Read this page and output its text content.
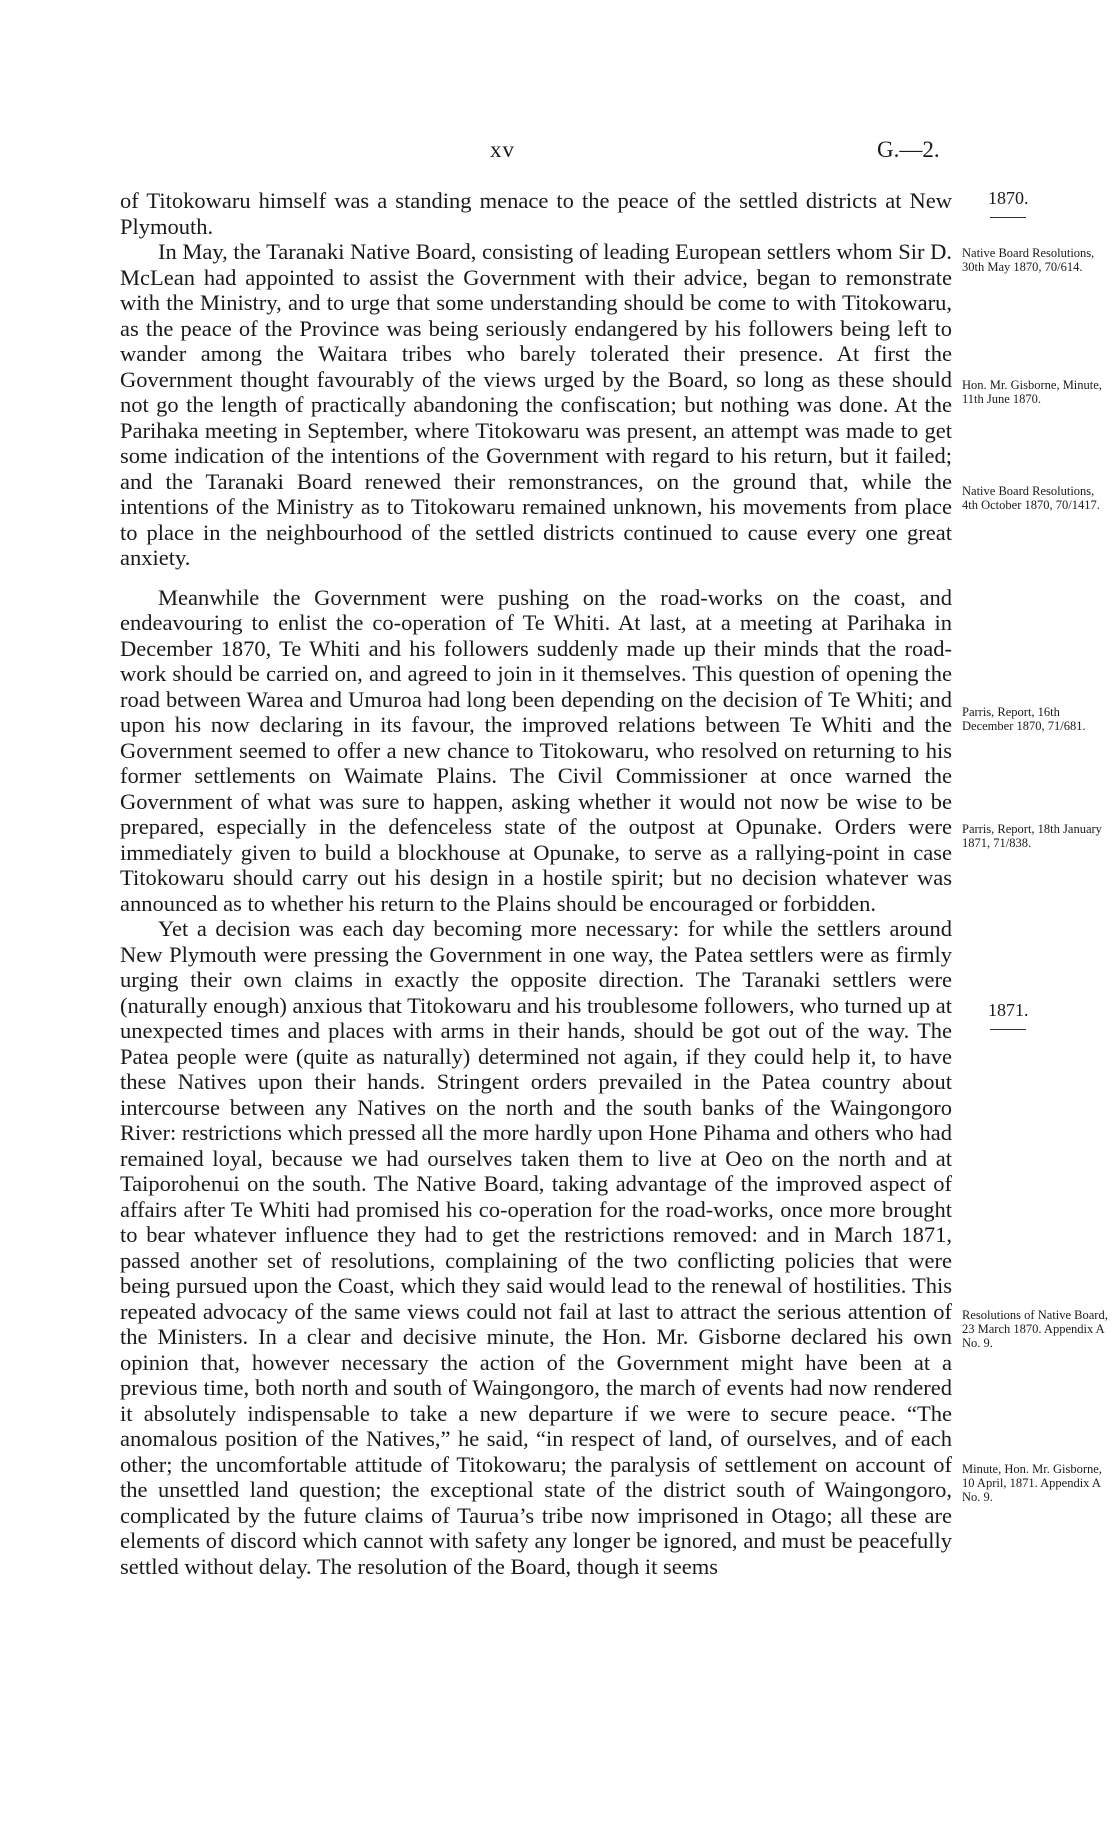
xv	G.—2.

of Titokowaru himself was a standing menace to the peace of the settled districts at New Plymouth.

In May, the Taranaki Native Board, consisting of leading European settlers whom Sir D. McLean had appointed to assist the Government with their advice, began to remonstrate with the Ministry, and to urge that some understanding should be come to with Titokowaru, as the peace of the Province was being seriously endangered by his followers being left to wander among the Waitara tribes who barely tolerated their presence. At first the Government thought favourably of the views urged by the Board, so long as these should not go the length of practically abandoning the confiscation; but nothing was done. At the Parihaka meeting in September, where Titokowaru was present, an attempt was made to get some indication of the intentions of the Government with regard to his return, but it failed; and the Taranaki Board renewed their remonstrances, on the ground that, while the intentions of the Ministry as to Titokowaru remained unknown, his movements from place to place in the neighbourhood of the settled districts continued to cause every one great anxiety.

Meanwhile the Government were pushing on the road-works on the coast, and endeavouring to enlist the co-operation of Te Whiti. At last, at a meeting at Parihaka in December 1870, Te Whiti and his followers suddenly made up their minds that the road-work should be carried on, and agreed to join in it themselves. This question of opening the road between Warea and Umuroa had long been depending on the decision of Te Whiti; and upon his now declaring in its favour, the improved relations between Te Whiti and the Government seemed to offer a new chance to Titokowaru, who resolved on returning to his former settlements on Waimate Plains. The Civil Commissioner at once warned the Government of what was sure to happen, asking whether it would not now be wise to be prepared, especially in the defenceless state of the outpost at Opunake. Orders were immediately given to build a blockhouse at Opunake, to serve as a rallying-point in case Titokowaru should carry out his design in a hostile spirit; but no decision whatever was announced as to whether his return to the Plains should be encouraged or forbidden.

Yet a decision was each day becoming more necessary: for while the settlers around New Plymouth were pressing the Government in one way, the Patea settlers were as firmly urging their own claims in exactly the opposite direction. The Taranaki settlers were (naturally enough) anxious that Titokowaru and his troublesome followers, who turned up at unexpected times and places with arms in their hands, should be got out of the way. The Patea people were (quite as naturally) determined not again, if they could help it, to have these Natives upon their hands. Stringent orders prevailed in the Patea country about intercourse between any Natives on the north and the south banks of the Waingongoro River: restrictions which pressed all the more hardly upon Hone Pihama and others who had remained loyal, because we had ourselves taken them to live at Oeo on the north and at Taiporohenui on the south. The Native Board, taking advantage of the improved aspect of affairs after Te Whiti had promised his co-operation for the road-works, once more brought to bear whatever influence they had to get the restrictions removed: and in March 1871, passed another set of resolutions, complaining of the two conflicting policies that were being pursued upon the Coast, which they said would lead to the renewal of hostilities. This repeated advocacy of the same views could not fail at last to attract the serious attention of the Ministers. In a clear and decisive minute, the Hon. Mr. Gisborne declared his own opinion that, however necessary the action of the Government might have been at a previous time, both north and south of Waingongoro, the march of events had now rendered it absolutely indispensable to take a new departure if we were to secure peace. “The anomalous position of the Natives,” he said, “in respect of land, of ourselves, and of each other; the uncomfortable attitude of Titokowaru; the paralysis of settlement on account of the unsettled land question; the exceptional state of the district south of Waingongoro, complicated by the future claims of Taurua’s tribe now imprisoned in Otago; all these are elements of discord which cannot with safety any longer be ignored, and must be peacefully settled without delay. The resolution of the Board, though it seems

1870.
1871.
Native Board Resolutions, 30th May 1870, 70/614.
Hon. Mr. Gisborne, Minute, 11th June 1870.
Native Board Resolutions, 4th October 1870, 70/1417.
Parris, Report, 16th December 1870, 71/681.
Parris, Report, 18th January 1871, 71/838.
Resolutions of Native Board, 23 March 1870. Appendix A No. 9.
Minute, Hon. Mr. Gisborne, 10 April, 1871. Appendix A No. 9.
